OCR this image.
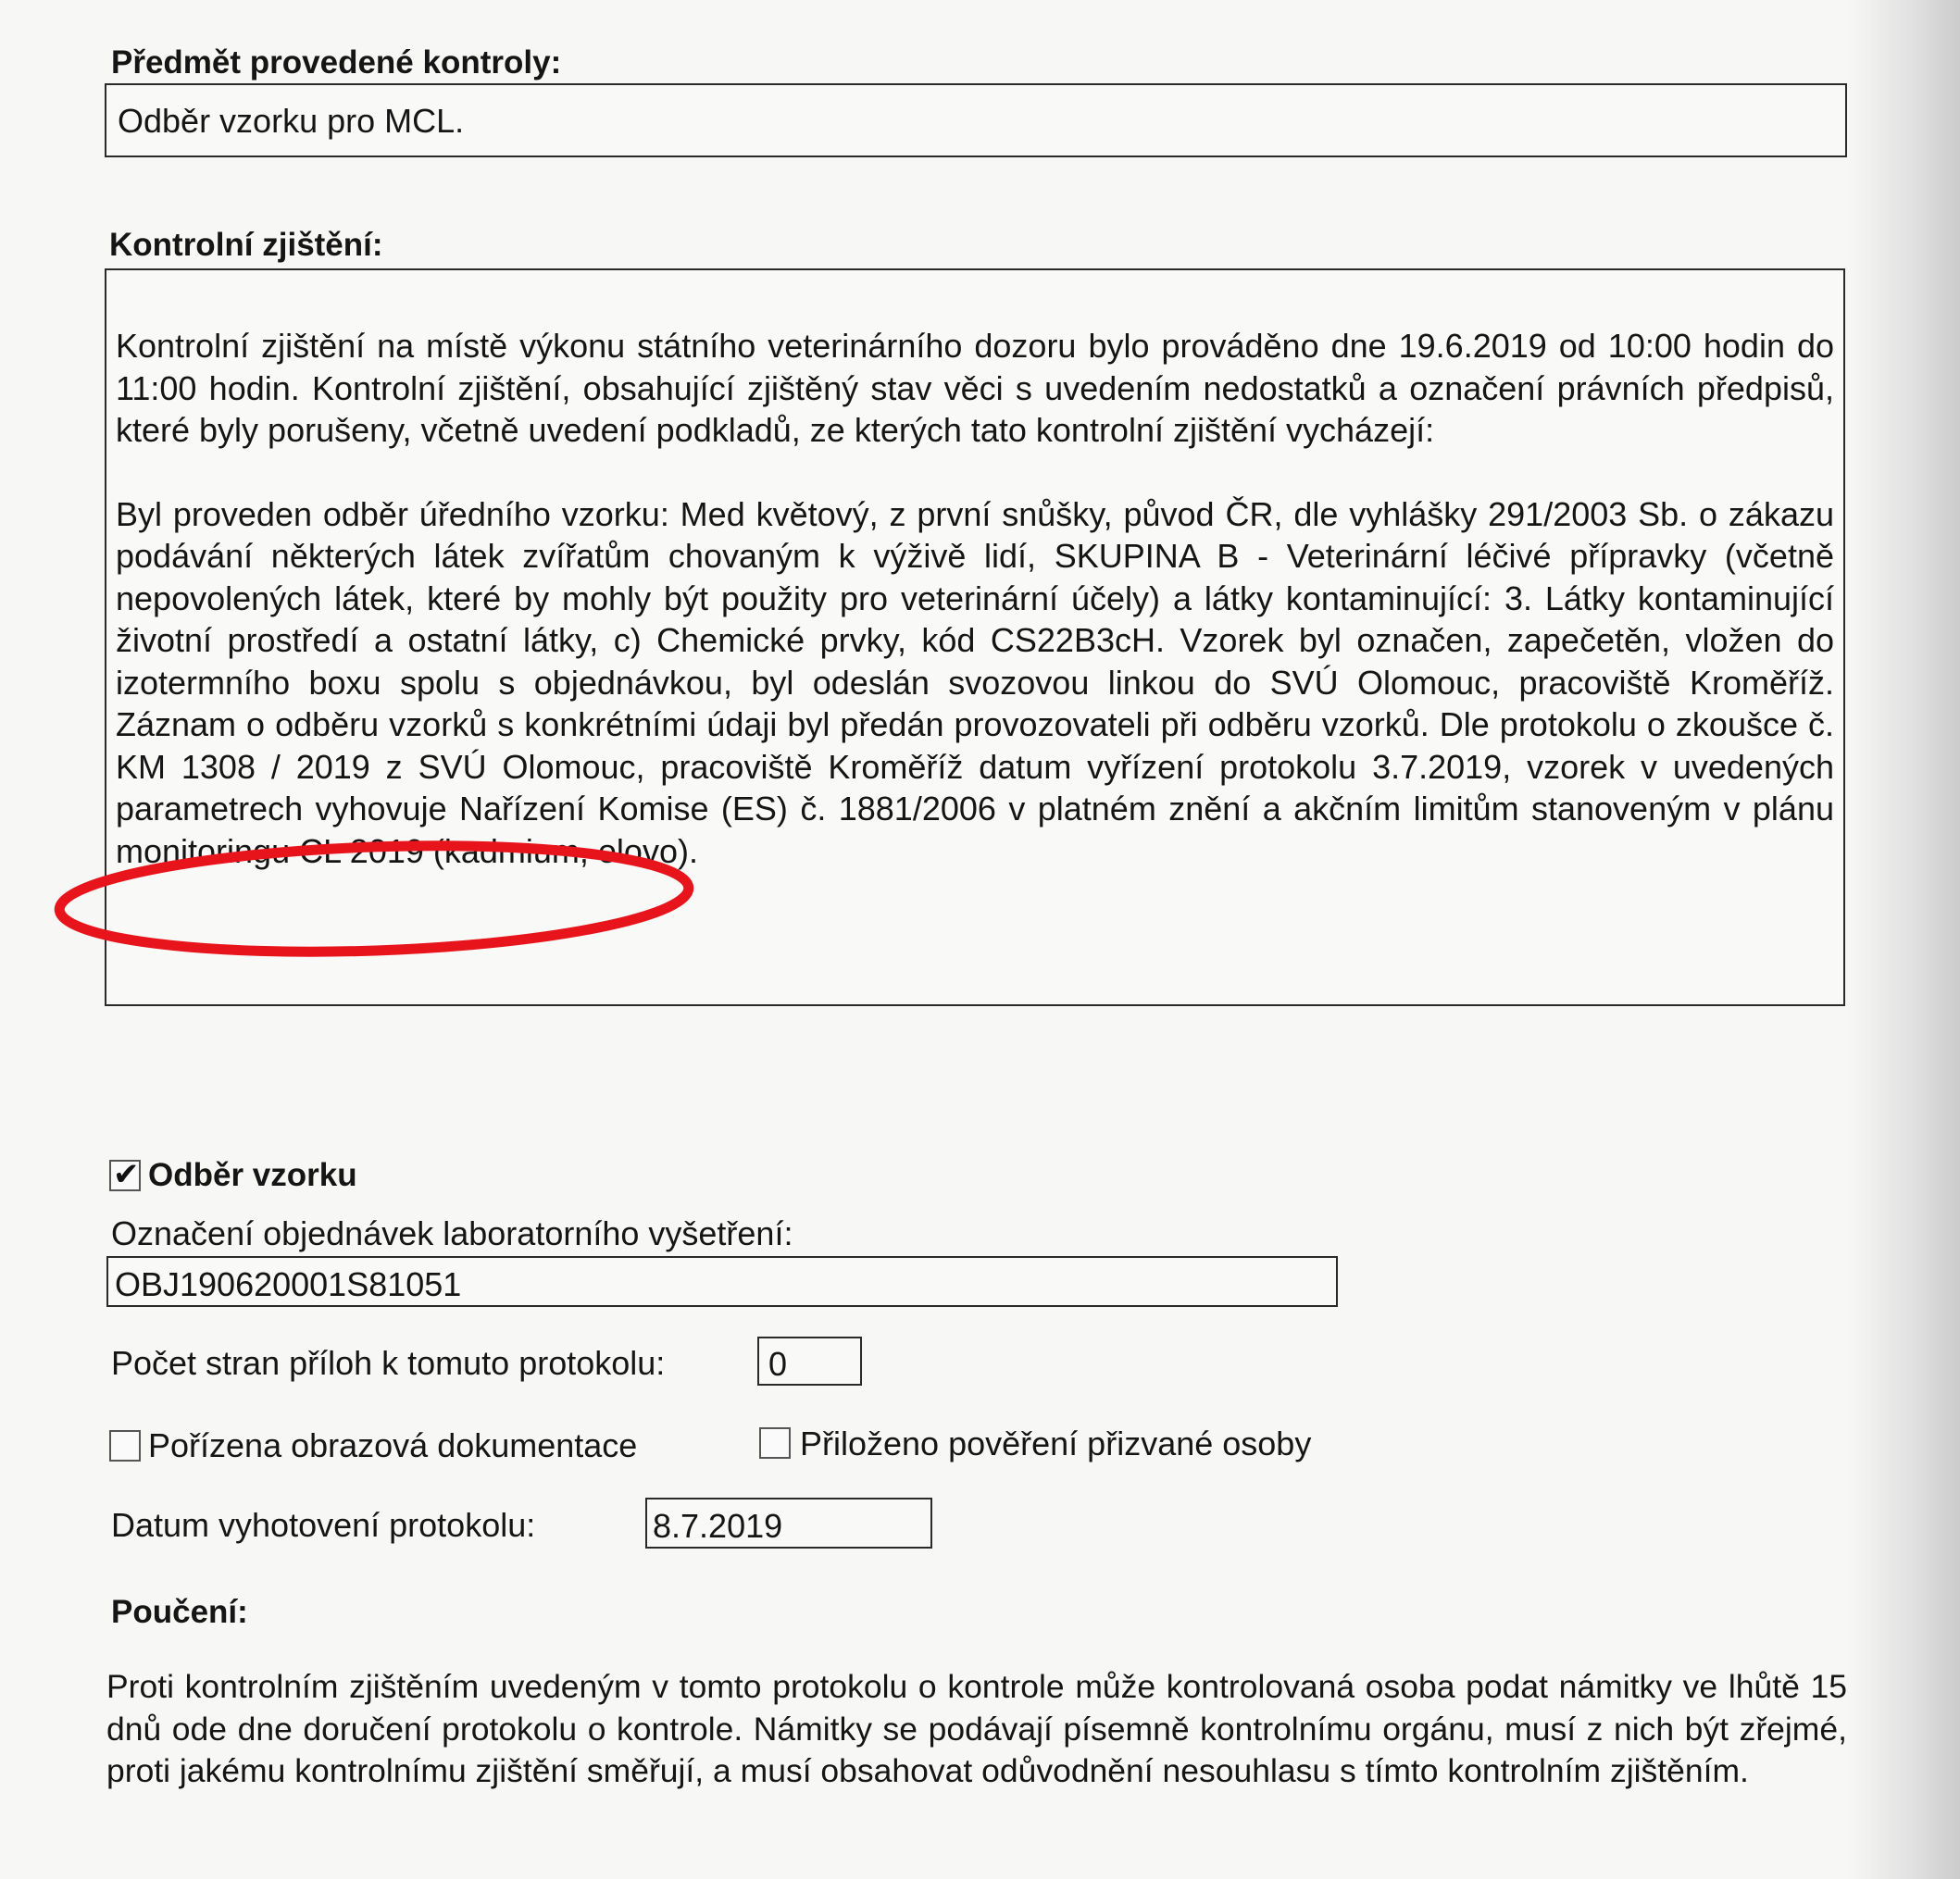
Předmět provedené kontroly:
Odběr vzorku pro MCL.
Kontrolní zjištění:

Kontrolní zjištění na místě výkonu státního veterinárního dozoru bylo prováděno dne 19.6.2019 od 10:00 hodin do 11:00 hodin. Kontrolní zjištění, obsahující zjištěný stav věci s uvedením nedostatků a označení právních předpisů, které byly porušeny, včetně uvedení podkladů, ze kterých tato kontrolní zjištění vycházejí:

Byl proveden odběr úředního vzorku: Med květový, z první snůšky, původ ČR, dle vyhlášky 291/2003 Sb. o zákazu podávání některých látek zvířatům chovaným k výživě lidí, SKUPINA B - Veterinární léčivé přípravky (včetně nepovolených látek, které by mohly být použity pro veterinární účely) a látky kontaminující: 3. Látky kontaminující životní prostředí a ostatní látky, c) Chemické prvky, kód CS22B3cH. Vzorek byl označen, zapečetěn, vložen do izotermního boxu spolu s objednávkou, byl odeslán svozovou linkou do SVÚ Olomouc, pracoviště Kroměříž. Záznam o odběru vzorků s konkrétními údaji byl předán provozovateli při odběru vzorků. Dle protokolu o zkoušce č. KM 1308 / 2019 z SVÚ Olomouc, pracoviště Kroměříž datum vyřízení protokolu 3.7.2019, vzorek v uvedených parametrech vyhovuje Nařízení Komise (ES) č. 1881/2006 v platném znění a akčním limitům stanoveným v plánu monitoringu CL 2019 (kadmium, olovo).

✔ Odběr vzorku
Označení objednávek laboratorního vyšetření:
OBJ190620001S81051
Počet stran příloh k tomuto protokolu:	0
Pořízena obrazová dokumentace	Přiloženo pověření přizvané osoby
Datum vyhotovení protokolu:	8.7.2019
Poučení:

Proti kontrolním zjištěním uvedeným v tomto protokolu o kontrole může kontrolovaná osoba podat námitky ve lhůtě 15 dnů ode dne doručení protokolu o kontrole. Námitky se podávají písemně kontrolnímu orgánu, musí z nich být zřejmé, proti jakému kontrolnímu zjištění směřují, a musí obsahovat odůvodnění nesouhlasu s tímto kontrolním zjištěním.
